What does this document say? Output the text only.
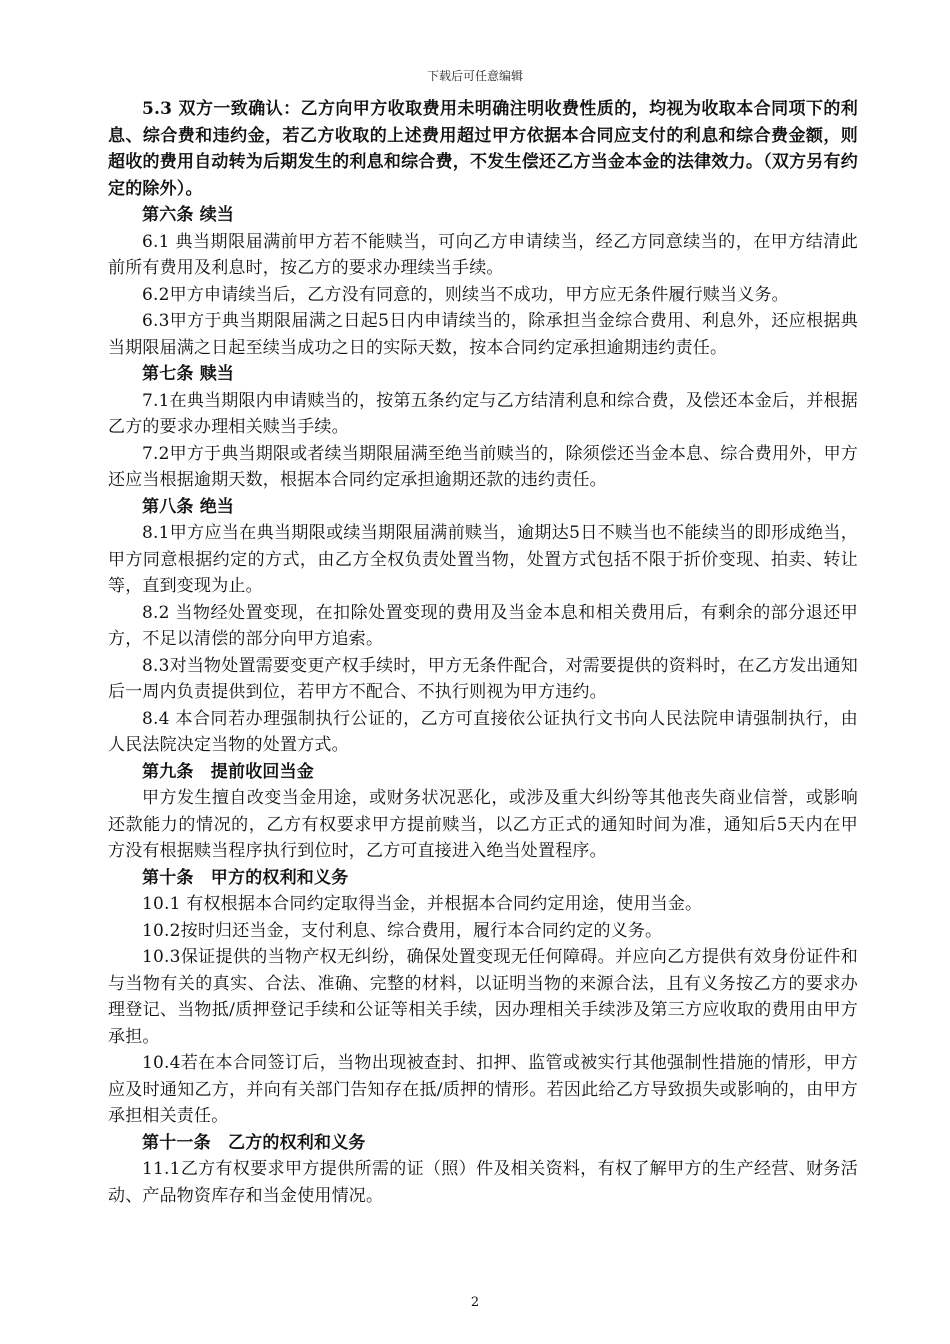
下载后可任意编辑

5.3 双方一致确认：乙方向甲方收取费用未明确注明收费性质的，均视为收取本合同项下的利息、综合费和违约金，若乙方收取的上述费用超过甲方依据本合同应支付的利息和综合费金额，则超收的费用自动转为后期发生的利息和综合费，不发生偿还乙方当金本金的法律效力。（双方另有约定的除外）。

第六条 续当

6.1 典当期限届满前甲方若不能赎当，可向乙方申请续当，经乙方同意续当的，在甲方结清此前所有费用及利息时，按乙方的要求办理续当手续。

6.2甲方申请续当后，乙方没有同意的，则续当不成功，甲方应无条件履行赎当义务。

6.3甲方于典当期限届满之日起5日内申请续当的，除承担当金综合费用、利息外，还应根据典当期限届满之日起至续当成功之日的实际天数，按本合同约定承担逾期违约责任。

第七条 赎当

7.1在典当期限内申请赎当的，按第五条约定与乙方结清利息和综合费，及偿还本金后，并根据乙方的要求办理相关赎当手续。

7.2甲方于典当期限或者续当期限届满至绝当前赎当的，除须偿还当金本息、综合费用外，甲方还应当根据逾期天数，根据本合同约定承担逾期还款的违约责任。

第八条 绝当

8.1甲方应当在典当期限或续当期限届满前赎当，逾期达5日不赎当也不能续当的即形成绝当，甲方同意根据约定的方式，由乙方全权负责处置当物，处置方式包括不限于折价变现、拍卖、转让等，直到变现为止。

8.2 当物经处置变现，在扣除处置变现的费用及当金本息和相关费用后，有剩余的部分退还甲方，不足以清偿的部分向甲方追索。

8.3对当物处置需要变更产权手续时，甲方无条件配合，对需要提供的资料时，在乙方发出通知后一周内负责提供到位，若甲方不配合、不执行则视为甲方违约。

8.4 本合同若办理强制执行公证的，乙方可直接依公证执行文书向人民法院申请强制执行，由人民法院决定当物的处置方式。

第九条　提前收回当金

甲方发生擅自改变当金用途，或财务状况恶化，或涉及重大纠纷等其他丧失商业信誉，或影响还款能力的情况的，乙方有权要求甲方提前赎当，以乙方正式的通知时间为准，通知后5天内在甲方没有根据赎当程序执行到位时，乙方可直接进入绝当处置程序。

第十条　甲方的权利和义务

10.1 有权根据本合同约定取得当金，并根据本合同约定用途，使用当金。

10.2按时归还当金，支付利息、综合费用，履行本合同约定的义务。

10.3保证提供的当物产权无纠纷，确保处置变现无任何障碍。并应向乙方提供有效身份证件和与当物有关的真实、合法、准确、完整的材料，以证明当物的来源合法，且有义务按乙方的要求办理登记、当物抵/质押登记手续和公证等相关手续，因办理相关手续涉及第三方应收取的费用由甲方承担。

10.4若在本合同签订后，当物出现被查封、扣押、监管或被实行其他强制性措施的情形，甲方应及时通知乙方，并向有关部门告知存在抵/质押的情形。若因此给乙方导致损失或影响的，由甲方承担相关责任。

第十一条　乙方的权利和义务

11.1乙方有权要求甲方提供所需的证（照）件及相关资料，有权了解甲方的生产经营、财务活动、产品物资库存和当金使用情况。

2
